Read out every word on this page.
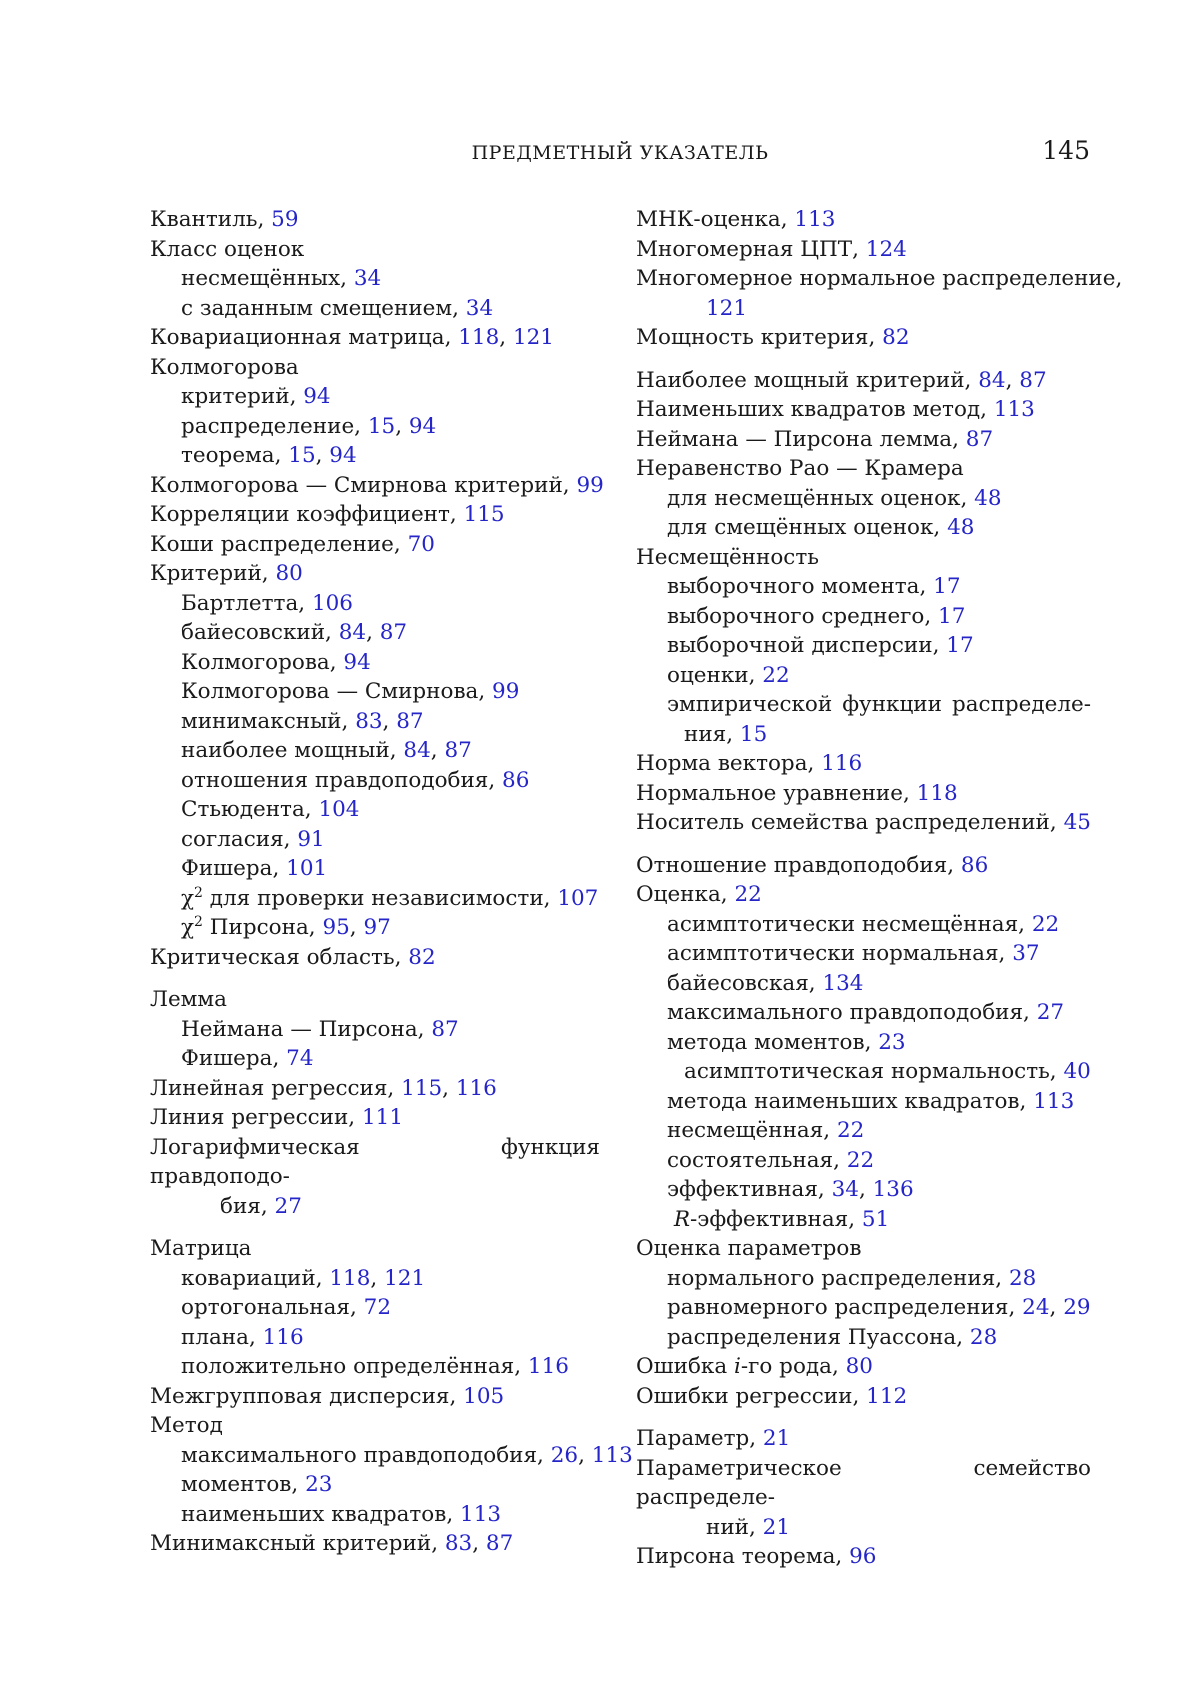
ПРЕДМЕТНЫЙ УКАЗАТЕЛЬ	145
Квантиль, 59
Класс оценок
несмещённых, 34
с заданным смещением, 34
Ковариационная матрица, 118, 121
Колмогорова
критерий, 94
распределение, 15, 94
теорема, 15, 94
Колмогорова — Смирнова критерий, 99
Корреляции коэффициент, 115
Коши распределение, 70
Критерий, 80
Бартлетта, 106
байесовский, 84, 87
Колмогорова, 94
Колмогорова — Смирнова, 99
минимаксный, 83, 87
наиболее мощный, 84, 87
отношения правдоподобия, 86
Стьюдента, 104
согласия, 91
Фишера, 101
$\chi^2$ для проверки независимости, 107
$\chi^2$ Пирсона, 95, 97
Критическая область, 82
Лемма
Неймана — Пирсона, 87
Фишера, 74
Линейная регрессия, 115, 116
Линия регрессии, 111
Логарифмическая функция правдоподо-
бия, 27
Матрица
ковариаций, 118, 121
ортогональная, 72
плана, 116
положительно определённая, 116
Межгрупповая дисперсия, 105
Метод
максимального правдоподобия, 26, 113
моментов, 23
наименьших квадратов, 113
Минимаксный критерий, 83, 87
МНК-оценка, 113
Многомерная ЦПТ, 124
Многомерное нормальное распределение,
121
Мощность критерия, 82
Наиболее мощный критерий, 84, 87
Наименьших квадратов метод, 113
Неймана — Пирсона лемма, 87
Неравенство Рао — Крамера
для несмещённых оценок, 48
для смещённых оценок, 48
Несмещённость
выборочного момента, 17
выборочного среднего, 17
выборочной дисперсии, 17
оценки, 22
эмпирической функции распределе-
ния, 15
Норма вектора, 116
Нормальное уравнение, 118
Носитель семейства распределений, 45
Отношение правдоподобия, 86
Оценка, 22
асимптотически несмещённая, 22
асимптотически нормальная, 37
байесовская, 134
максимального правдоподобия, 27
метода моментов, 23
асимптотическая нормальность, 40
метода наименьших квадратов, 113
несмещённая, 22
состоятельная, 22
эффективная, 34, 136
R-эффективная, 51
Оценка параметров
нормального распределения, 28
равномерного распределения, 24, 29
распределения Пуассона, 28
Ошибка i-го рода, 80
Ошибки регрессии, 112
Параметр, 21
Параметрическое семейство распределе-
ний, 21
Пирсона теорема, 96
